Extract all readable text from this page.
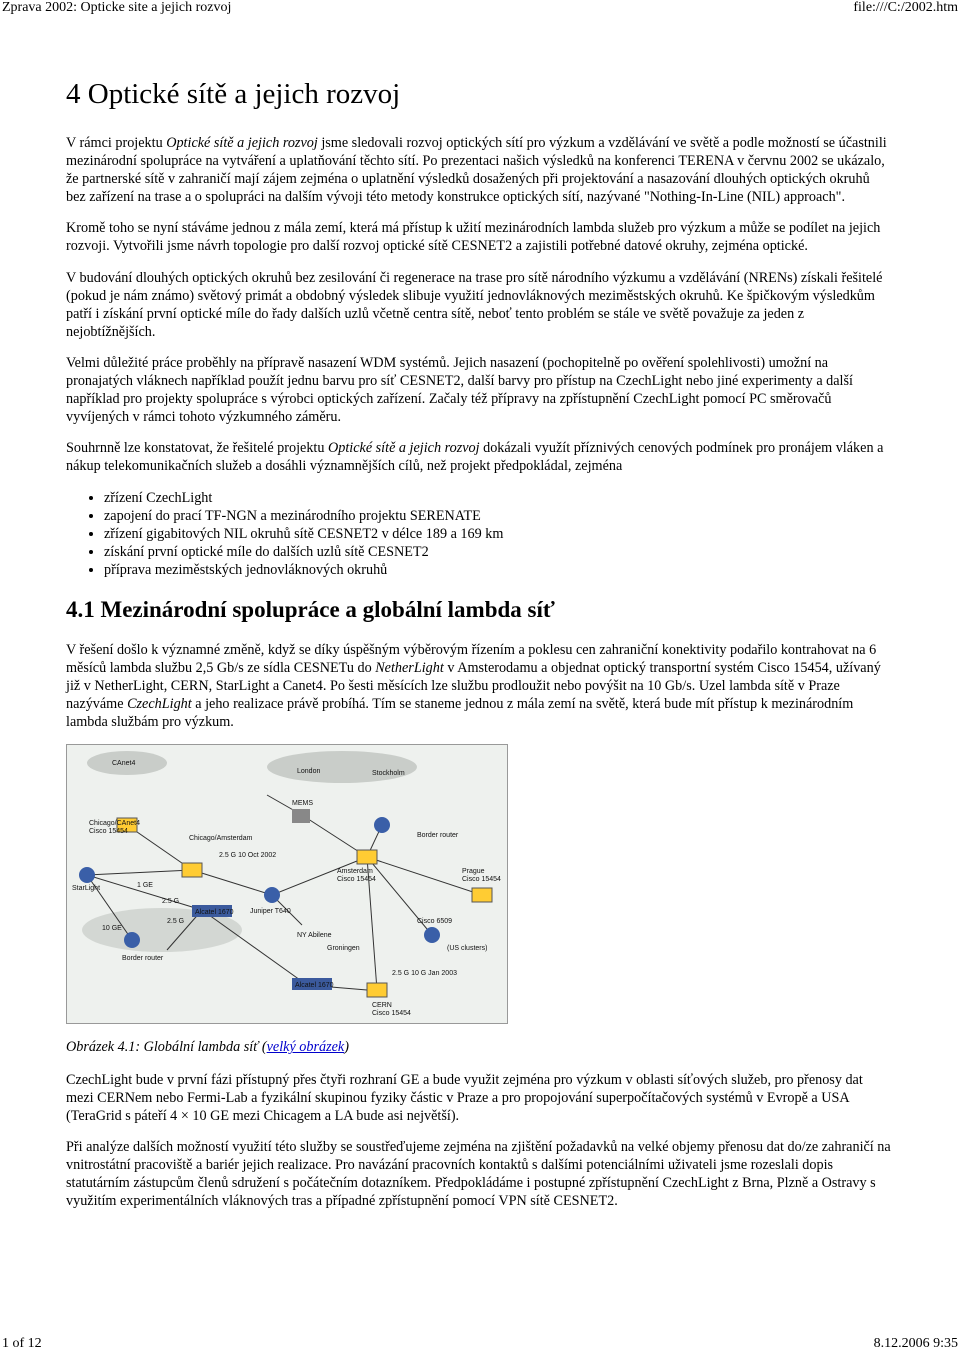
Zprava 2002: Opticke site a jejich rozvoj	file:///C:/2002.htm
4 Optické sítě a jejich rozvoj

V rámci projektu Optické sítě a jejich rozvoj jsme sledovali rozvoj optických sítí pro výzkum a vzdělávání ve světě a podle možností se účastnili mezinárodní spolupráce na vytváření a uplatňování těchto sítí. Po prezentaci našich výsledků na konferenci TERENA v červnu 2002 se ukázalo, že partnerské sítě v zahraničí mají zájem zejména o uplatnění výsledků dosažených při projektování a nasazování dlouhých optických okruhů bez zařízení na trase a o spolupráci na dalším vývoji této metody konstrukce optických sítí, nazývané "Nothing-In-Line (NIL) approach".

Kromě toho se nyní stáváme jednou z mála zemí, která má přístup k užití mezinárodních lambda služeb pro výzkum a může se podílet na jejich rozvoji. Vytvořili jsme návrh topologie pro další rozvoj optické sítě CESNET2 a zajistili potřebné datové okruhy, zejména optické.

V budování dlouhých optických okruhů bez zesilování či regenerace na trase pro sítě národního výzkumu a vzdělávání (NRENs) získali řešitelé (pokud je nám známo) světový primát a obdobný výsledek slibuje využití jednovláknových meziměstských okruhů. Ke špičkovým výsledkům patří i získání první optické míle do řady dalších uzlů včetně centra sítě, neboť tento problém se stále ve světě považuje za jeden z nejobtížnějších.

Velmi důležité práce proběhly na přípravě nasazení WDM systémů. Jejich nasazení (pochopitelně po ověření spolehlivosti) umožní na pronajatých vláknech například použít jednu barvu pro síť CESNET2, další barvy pro přístup na CzechLight nebo jiné experimenty a další například pro projekty spolupráce s výrobci optických zařízení. Začaly též přípravy na zpřístupnění CzechLight pomocí PC směrovačů vyvíjených v rámci tohoto výzkumného záměru.

Souhrnně lze konstatovat, že řešitelé projektu Optické sítě a jejich rozvoj dokázali využít příznivých cenových podmínek pro pronájem vláken a nákup telekomunikačních služeb a dosáhli významnějších cílů, než projekt předpokládal, zejména

• zřízení CzechLight
• zapojení do prací TF-NGN a mezinárodního projektu SERENATE
• zřízení gigabitových NIL okruhů sítě CESNET2 v délce 189 a 169 km
• získání první optické míle do dalších uzlů sítě CESNET2
• příprava meziměstských jednovláknových okruhů
4.1 Mezinárodní spolupráce a globální lambda síť

V řešení došlo k významné změně, když se díky úspěšným výběrovým řízením a poklesu cen zahraniční konektivity podařilo kontrahovat na 6 měsíců lambda službu 2,5 Gb/s ze sídla CESNETu do NetherLight v Amsterodamu a objednat optický transportní systém Cisco 15454, užívaný již v NetherLight, CERN, StarLight a Canet4. Po šesti měsících lze službu prodloužit nebo povýšit na 10 Gb/s. Uzel lambda sítě v Praze nazýváme CzechLight a jeho realizace právě probíhá. Tím se staneme jednou z mála zemí na světě, která bude mít přístup k mezinárodním lambda službám pro výzkum.

CAnet4
London	Stockholm
Chicago/CAnet4
Cisco 15454
Chicago/Amsterdam
2.5 G 10 Oct 2002
Amsterdam
Cisco 15454
MEMS
Border router
Prague
Cisco 15454
StarLight	1 GE
Juniper T640
NY Abilene
Alcatel 1670
10 GE
Border router
Groningen
Cisco 6509
(US clusters)
2.5 G 10 G Jan 2003
Alcatel 1670
CERN
Cisco 15454
2.5 G
2.5 G

Obrázek 4.1: Globální lambda síť (velký obrázek)

CzechLight bude v první fázi přístupný přes čtyři rozhraní GE a bude využit zejména pro výzkum v oblasti síťových služeb, pro přenosy dat mezi CERNem nebo Fermi-Lab a fyzikální skupinou fyziky částic v Praze a pro propojování superpočítačových systémů v Evropě a USA (TeraGrid s páteří 4 × 10 GE mezi Chicagem a LA bude asi největší).

Při analýze dalších možností využití této služby se soustřeďujeme zejména na zjištění požadavků na velké objemy přenosu dat do/ze zahraničí na vnitrostátní pracoviště a bariér jejich realizace. Pro navázání pracovních kontaktů s dalšími potenciálními uživateli jsme rozeslali dopis statutárním zástupcům členů sdružení s počátečním dotazníkem. Předpokládáme i postupné zpřístupnění CzechLight z Brna, Plzně a Ostravy s využitím experimentálních vláknových tras a případné zpřístupnění pomocí VPN sítě CESNET2.

1 of 12	8.12.2006 9:35
